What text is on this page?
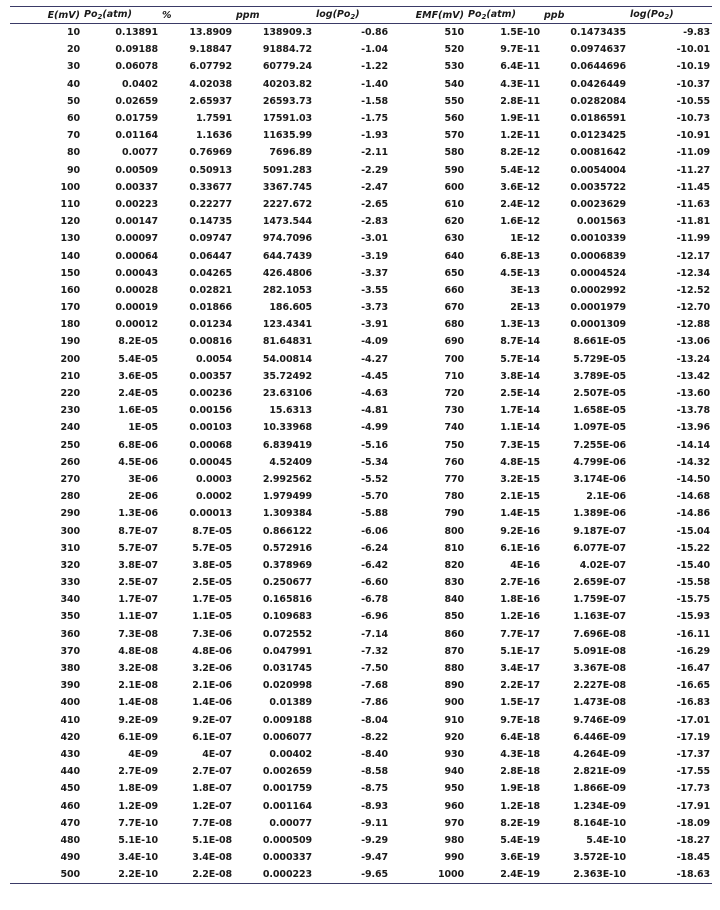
E(mV)	$Po_2(atm)$	%	ppm	$\log(Po_2)$	EMF(mV)	$Po_2(atm)$	ppb	$\log(Po_2)$
10	0.13891	13.8909	138909.3	-0.86	510	1.5E-10	0.1473435	-9.83
20	0.09188	9.18847	91884.72	-1.04	520	9.7E-11	0.0974637	-10.01
30	0.06078	6.07792	60779.24	-1.22	530	6.4E-11	0.0644696	-10.19
40	0.0402	4.02038	40203.82	-1.40	540	4.3E-11	0.0426449	-10.37
50	0.02659	2.65937	26593.73	-1.58	550	2.8E-11	0.0282084	-10.55
60	0.01759	1.7591	17591.03	-1.75	560	1.9E-11	0.0186591	-10.73
70	0.01164	1.1636	11635.99	-1.93	570	1.2E-11	0.0123425	-10.91
80	0.0077	0.76969	7696.89	-2.11	580	8.2E-12	0.0081642	-11.09
90	0.00509	0.50913	5091.283	-2.29	590	5.4E-12	0.0054004	-11.27
100	0.00337	0.33677	3367.745	-2.47	600	3.6E-12	0.0035722	-11.45
110	0.00223	0.22277	2227.672	-2.65	610	2.4E-12	0.0023629	-11.63
120	0.00147	0.14735	1473.544	-2.83	620	1.6E-12	0.001563	-11.81
130	0.00097	0.09747	974.7096	-3.01	630	1E-12	0.0010339	-11.99
140	0.00064	0.06447	644.7439	-3.19	640	6.8E-13	0.0006839	-12.17
150	0.00043	0.04265	426.4806	-3.37	650	4.5E-13	0.0004524	-12.34
160	0.00028	0.02821	282.1053	-3.55	660	3E-13	0.0002992	-12.52
170	0.00019	0.01866	186.605	-3.73	670	2E-13	0.0001979	-12.70
180	0.00012	0.01234	123.4341	-3.91	680	1.3E-13	0.0001309	-12.88
190	8.2E-05	0.00816	81.64831	-4.09	690	8.7E-14	8.661E-05	-13.06
200	5.4E-05	0.0054	54.00814	-4.27	700	5.7E-14	5.729E-05	-13.24
210	3.6E-05	0.00357	35.72492	-4.45	710	3.8E-14	3.789E-05	-13.42
220	2.4E-05	0.00236	23.63106	-4.63	720	2.5E-14	2.507E-05	-13.60
230	1.6E-05	0.00156	15.6313	-4.81	730	1.7E-14	1.658E-05	-13.78
240	1E-05	0.00103	10.33968	-4.99	740	1.1E-14	1.097E-05	-13.96
250	6.8E-06	0.00068	6.839419	-5.16	750	7.3E-15	7.255E-06	-14.14
260	4.5E-06	0.00045	4.52409	-5.34	760	4.8E-15	4.799E-06	-14.32
270	3E-06	0.0003	2.992562	-5.52	770	3.2E-15	3.174E-06	-14.50
280	2E-06	0.0002	1.979499	-5.70	780	2.1E-15	2.1E-06	-14.68
290	1.3E-06	0.00013	1.309384	-5.88	790	1.4E-15	1.389E-06	-14.86
300	8.7E-07	8.7E-05	0.866122	-6.06	800	9.2E-16	9.187E-07	-15.04
310	5.7E-07	5.7E-05	0.572916	-6.24	810	6.1E-16	6.077E-07	-15.22
320	3.8E-07	3.8E-05	0.378969	-6.42	820	4E-16	4.02E-07	-15.40
330	2.5E-07	2.5E-05	0.250677	-6.60	830	2.7E-16	2.659E-07	-15.58
340	1.7E-07	1.7E-05	0.165816	-6.78	840	1.8E-16	1.759E-07	-15.75
350	1.1E-07	1.1E-05	0.109683	-6.96	850	1.2E-16	1.163E-07	-15.93
360	7.3E-08	7.3E-06	0.072552	-7.14	860	7.7E-17	7.696E-08	-16.11
370	4.8E-08	4.8E-06	0.047991	-7.32	870	5.1E-17	5.091E-08	-16.29
380	3.2E-08	3.2E-06	0.031745	-7.50	880	3.4E-17	3.367E-08	-16.47
390	2.1E-08	2.1E-06	0.020998	-7.68	890	2.2E-17	2.227E-08	-16.65
400	1.4E-08	1.4E-06	0.01389	-7.86	900	1.5E-17	1.473E-08	-16.83
410	9.2E-09	9.2E-07	0.009188	-8.04	910	9.7E-18	9.746E-09	-17.01
420	6.1E-09	6.1E-07	0.006077	-8.22	920	6.4E-18	6.446E-09	-17.19
430	4E-09	4E-07	0.00402	-8.40	930	4.3E-18	4.264E-09	-17.37
440	2.7E-09	2.7E-07	0.002659	-8.58	940	2.8E-18	2.821E-09	-17.55
450	1.8E-09	1.8E-07	0.001759	-8.75	950	1.9E-18	1.866E-09	-17.73
460	1.2E-09	1.2E-07	0.001164	-8.93	960	1.2E-18	1.234E-09	-17.91
470	7.7E-10	7.7E-08	0.00077	-9.11	970	8.2E-19	8.164E-10	-18.09
480	5.1E-10	5.1E-08	0.000509	-9.29	980	5.4E-19	5.4E-10	-18.27
490	3.4E-10	3.4E-08	0.000337	-9.47	990	3.6E-19	3.572E-10	-18.45
500	2.2E-10	2.2E-08	0.000223	-9.65	1000	2.4E-19	2.363E-10	-18.63
